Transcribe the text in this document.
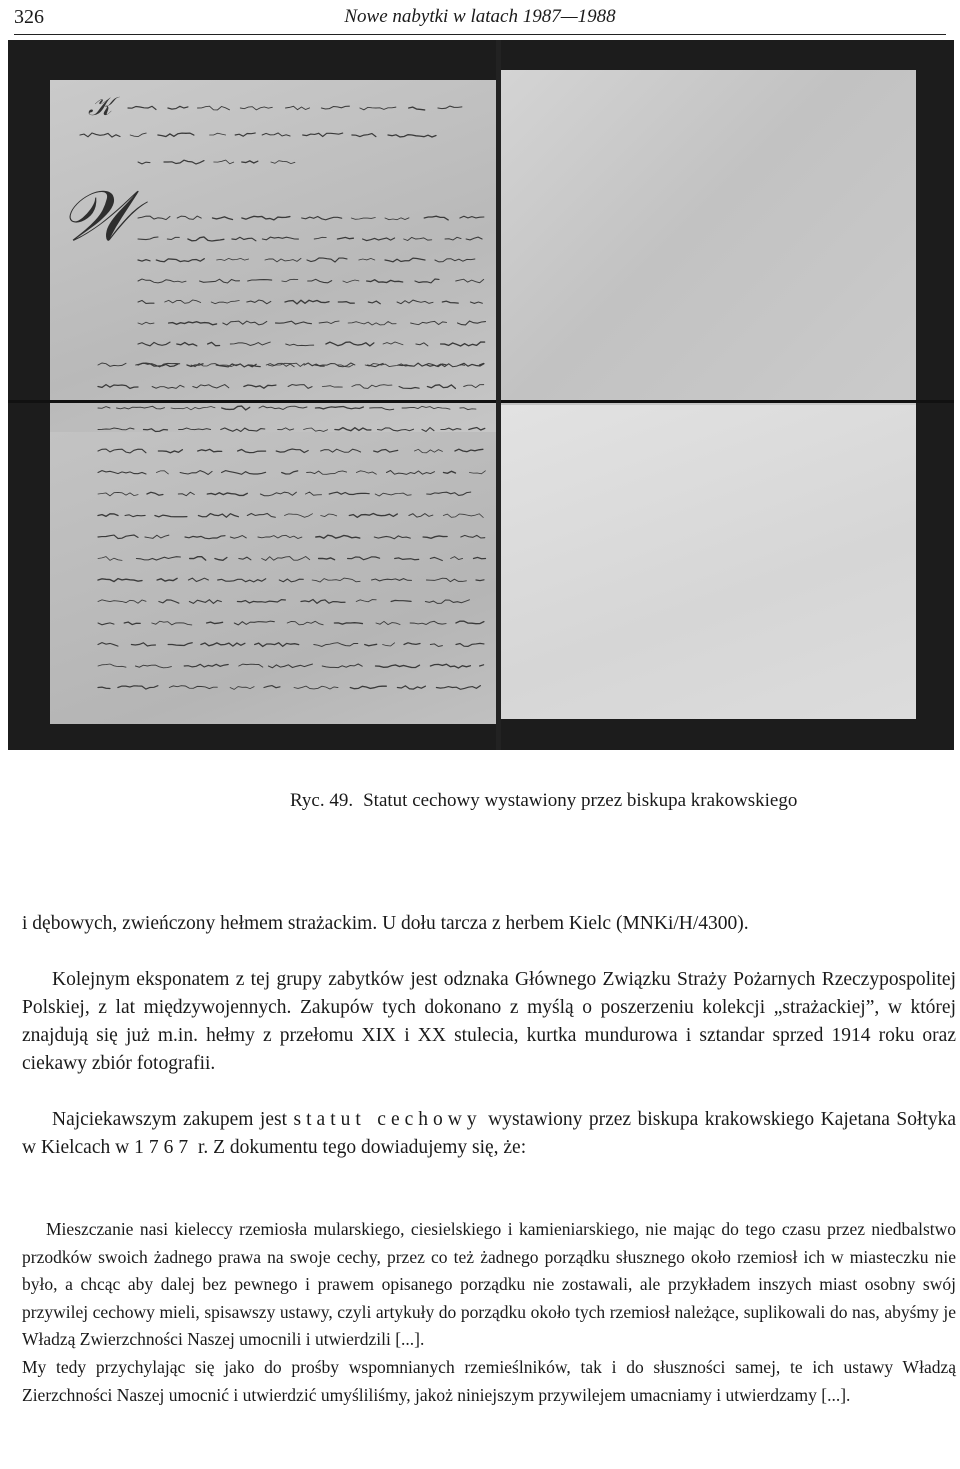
326	Nowe nabytki w latach 1987—1988
𝒦
𝒲
Ryc. 49. Statut cechowy wystawiony przez biskupa krakowskiego

i dębowych, zwieńczony hełmem strażackim. U dołu tarcza z herbem Kielc (MNKi/H/4300).

Kolejnym eksponatem z tej grupy zabytków jest odznaka Głównego Związku Straży Pożarnych Rzeczypospolitej Polskiej, z lat międzywojennych. Zakupów tych dokonano z myślą o poszerzeniu kolekcji „strażackiej”, w której znajdują się już m.in. hełmy z przełomu XIX i XX stulecia, kurtka mundurowa i sztandar sprzed 1914 roku oraz ciekawy zbiór fotografii.

Najciekawszym zakupem jest statut cechowy wystawiony przez biskupa krakowskiego Kajetana Sołtyka w Kielcach w 1767 r. Z dokumentu tego dowiadujemy się, że:

Mieszczanie nasi kieleccy rzemiosła mularskiego, ciesielskiego i kamieniarskiego, nie mając do tego czasu przez niedbalstwo przodków swoich żadnego prawa na swoje cechy, przez co też żadnego porządku słusznego około rzemiosł ich w miasteczku nie było, a chcąc aby dalej bez pewnego i prawem opisanego porządku nie zostawali, ale przykładem inszych miast osobny swój przywilej cechowy mieli, spisawszy ustawy, czyli artykuły do porządku około tych rzemiosł należące, suplikowali do nas, abyśmy je Władzą Zwierzchności Naszej umocnili i utwierdzili [...].

My tedy przychylając się jako do prośby wspomnianych rzemieślników, tak i do słuszności samej, te ich ustawy Władzą Zierzchności Naszej umocnić i utwierdzić umyśliliśmy, jakoż niniejszym przywilejem umacniamy i utwierdzamy [...].
